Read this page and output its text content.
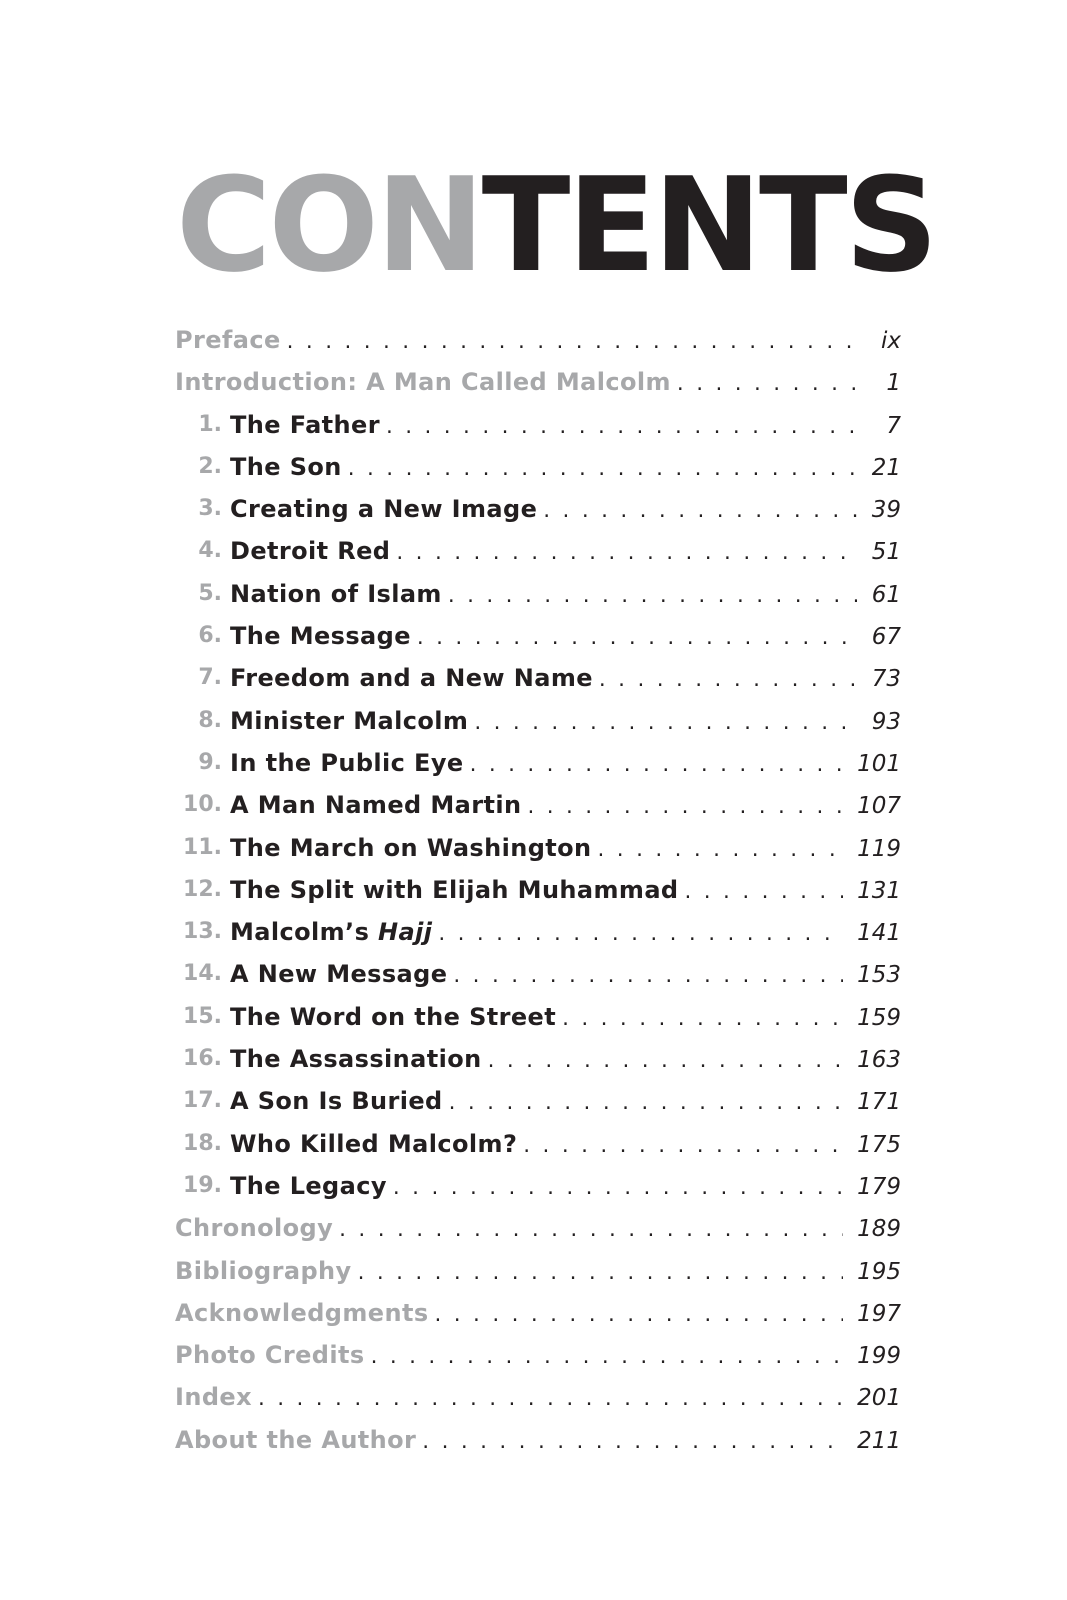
CONTENTS
Preface . . .	ix
Introduction: A Man Called Malcolm . . .	1
1. The Father . . .	7
2. The Son . . .	21
3. Creating a New Image . . .	39
4. Detroit Red . . .	51
5. Nation of Islam . . .	61
6. The Message . . .	67
7. Freedom and a New Name . . .	73
8. Minister Malcolm . . .	93
9. In the Public Eye . . .	101
10. A Man Named Martin . . .	107
11. The March on Washington . . .	119
12. The Split with Elijah Muhammad . . .	131
13. Malcolm’s Hajj . . .	141
14. A New Message . . .	153
15. The Word on the Street . . .	159
16. The Assassination . . .	163
17. A Son Is Buried . . .	171
18. Who Killed Malcolm? . . .	175
19. The Legacy . . .	179
Chronology . . .	189
Bibliography . . .	195
Acknowledgments . . .	197
Photo Credits . . .	199
Index . . .	201
About the Author . . .	211
